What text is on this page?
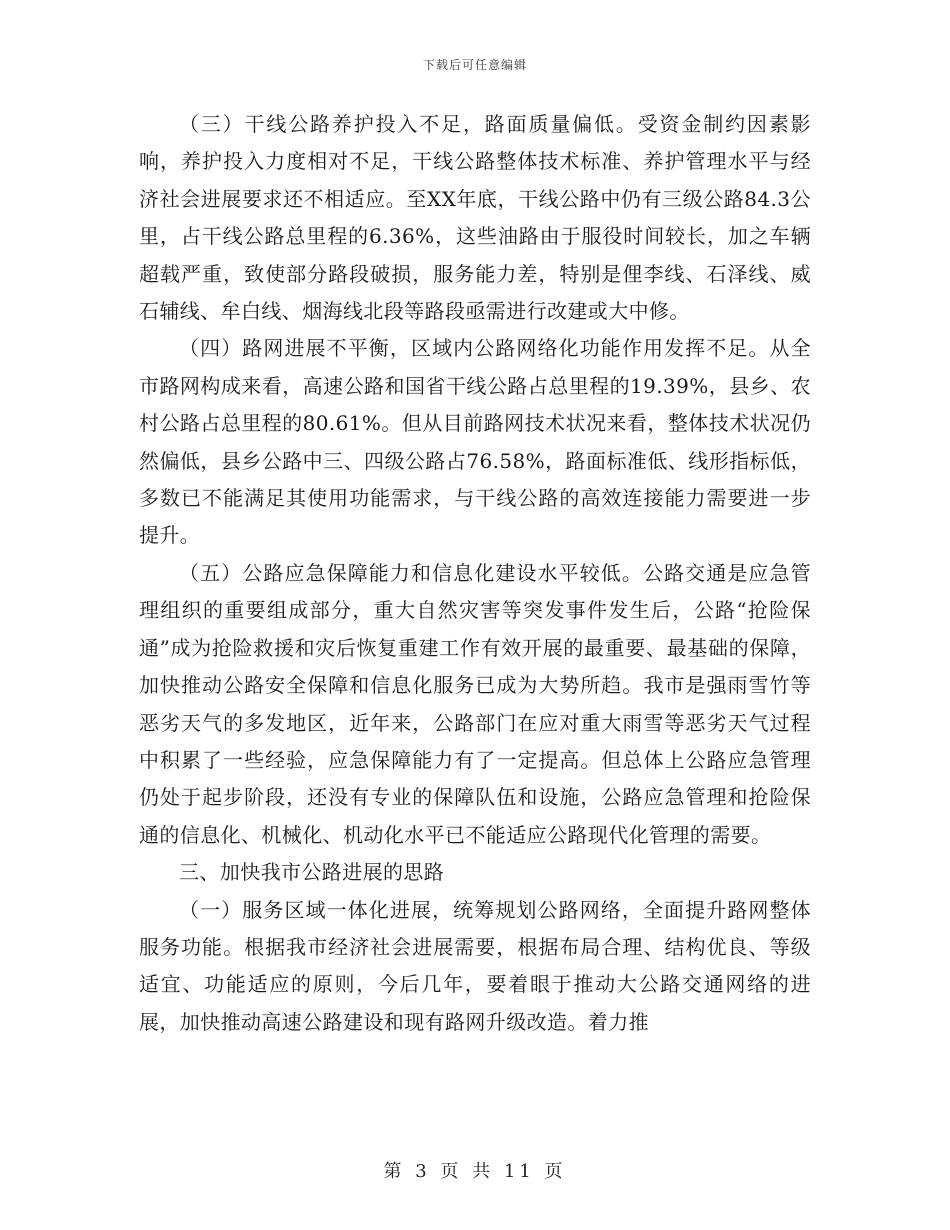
下载后可任意编辑

（三）干线公路养护投入不足，路面质量偏低。受资金制约因素影响，养护投入力度相对不足，干线公路整体技术标准、养护管理水平与经济社会进展要求还不相适应。至XX年底，干线公路中仍有三级公路84.3公里，占干线公路总里程的6.36%，这些油路由于服役时间较长，加之车辆超载严重，致使部分路段破损，服务能力差，特别是俚李线、石泽线、威石辅线、牟白线、烟海线北段等路段亟需进行改建或大中修。

（四）路网进展不平衡，区域内公路网络化功能作用发挥不足。从全市路网构成来看，高速公路和国省干线公路占总里程的19.39%，县乡、农村公路占总里程的80.61%。但从目前路网技术状况来看，整体技术状况仍然偏低，县乡公路中三、四级公路占76.58%，路面标准低、线形指标低，多数已不能满足其使用功能需求，与干线公路的高效连接能力需要进一步提升。

（五）公路应急保障能力和信息化建设水平较低。公路交通是应急管理组织的重要组成部分，重大自然灾害等突发事件发生后，公路“抢险保通”成为抢险救援和灾后恢复重建工作有效开展的最重要、最基础的保障，加快推动公路安全保障和信息化服务已成为大势所趋。我市是强雨雪竹等恶劣天气的多发地区，近年来，公路部门在应对重大雨雪等恶劣天气过程中积累了一些经验，应急保障能力有了一定提高。但总体上公路应急管理仍处于起步阶段，还没有专业的保障队伍和设施，公路应急管理和抢险保通的信息化、机械化、机动化水平已不能适应公路现代化管理的需要。

三、加快我市公路进展的思路

（一）服务区域一体化进展，统筹规划公路网络，全面提升路网整体服务功能。根据我市经济社会进展需要，根据布局合理、结构优良、等级适宜、功能适应的原则，今后几年，要着眼于推动大公路交通网络的进展，加快推动高速公路建设和现有路网升级改造。着力推

第 3 页 共 11 页
